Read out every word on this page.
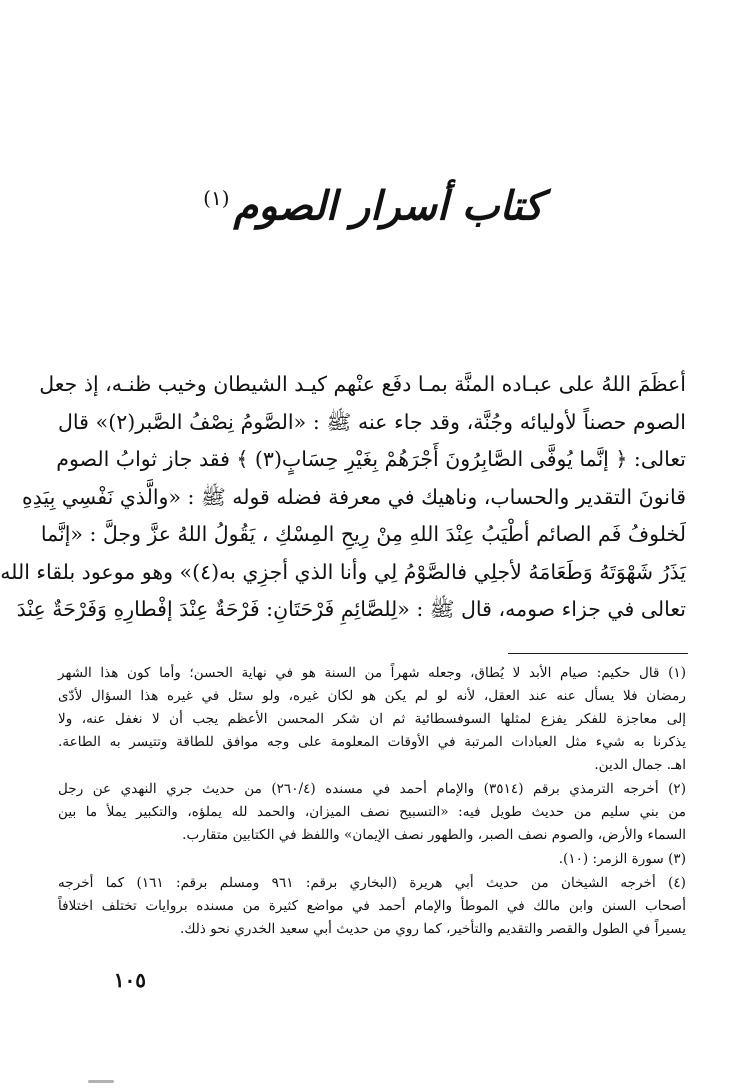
كتاب أسرار الصوم$^{(١)}$
أعظَمَ اللهُ على عبـاده المنَّة بمـا دفَع عنْهم كيـد الشيطان وخيب ظنـه، إذ جعل
الصوم حصناً لأوليائه وجُنَّة، وقد جاء عنه ﷺ : «الصَّومُ نِصْفُ الصَّبر(٢)» قال
تعالى: ﴿ إنَّما يُوفَّى الصَّابِرُونَ أَجْرَهُمْ بِغَيْرِ حِسَابٍ(٣) ﴾ فقد جاز ثوابُ الصوم
قانونَ التقدير والحساب، وناهيك في معرفة فضله قوله ﷺ : «والَّذي نَفْسِي بِيَدِهِ
لَخلوفُ فَم الصائم أطْيَبُ عِنْدَ اللهِ مِنْ رِيحِ المِسْكِ ، يَقُولُ اللهُ عزَّ وجلَّ : «إنَّما
يَذَرُ شَهْوَتَهُ وَطَعَامَهُ لأجلِي فالصَّوْمُ لِي وأنا الذي أجزِي به(٤)» وهو موعود بلقاء الله
تعالى في جزاء صومه، قال ﷺ : «لِلصَّائِمِ فَرْحَتَانِ: فَرْحَةٌ عِنْدَ إفْطارِهِ وَفَرْحَةٌ عِنْدَ
(١) قال حكيم: صيام الأبد لا يُطاق، وجعله شهراً من السنة هو في نهاية الحسن؛ وأما كون هذا الشهر
رمضان فلا يسأل عنه عند العقل، لأنه لو لم يكن هو لكان غيره، ولو سئل في غيره هذا السؤال لأدّى
إلى معاجزة للفكر يفزع لمثلها السوفسطائية ثم ان شكر المحسن الأعظم يجب أن لا نغفل عنه، ولا
يذكرنا به شيء مثل العبادات المرتبة في الأوقات المعلومة على وجه موافق للطاقة وتتيسر به الطاعة.
اهـ. جمال الدين.
(٢) أخرجه الترمذي برقم (٣٥١٤) والإمام أحمد في مسنده (٢٦٠/٤) من حديث جري النهدي عن رجل
من بني سليم من حديث طويل فيه: «التسبيح نصف الميزان، والحمد لله يملؤه، والتكبير يملأ ما بين
السماء والأرض، والصوم نصف الصبر، والطهور نصف الإيمان» واللفظ في الكتابين متقارب.
(٣) سورة الزمر: (١٠).
(٤) أخرجه الشيخان من حديث أبي هريرة (البخاري برقم: ٩٦١ ومسلم برقم: ١٦١) كما أخرجه
أصحاب السنن وابن مالك في الموطأ والإمام أحمد في مواضع كثيرة من مسنده بروايات تختلف اختلافاً
يسيراً في الطول والقصر والتقديم والتأخير، كما روي من حديث أبي سعيد الخدري نحو ذلك.
١٠٥
